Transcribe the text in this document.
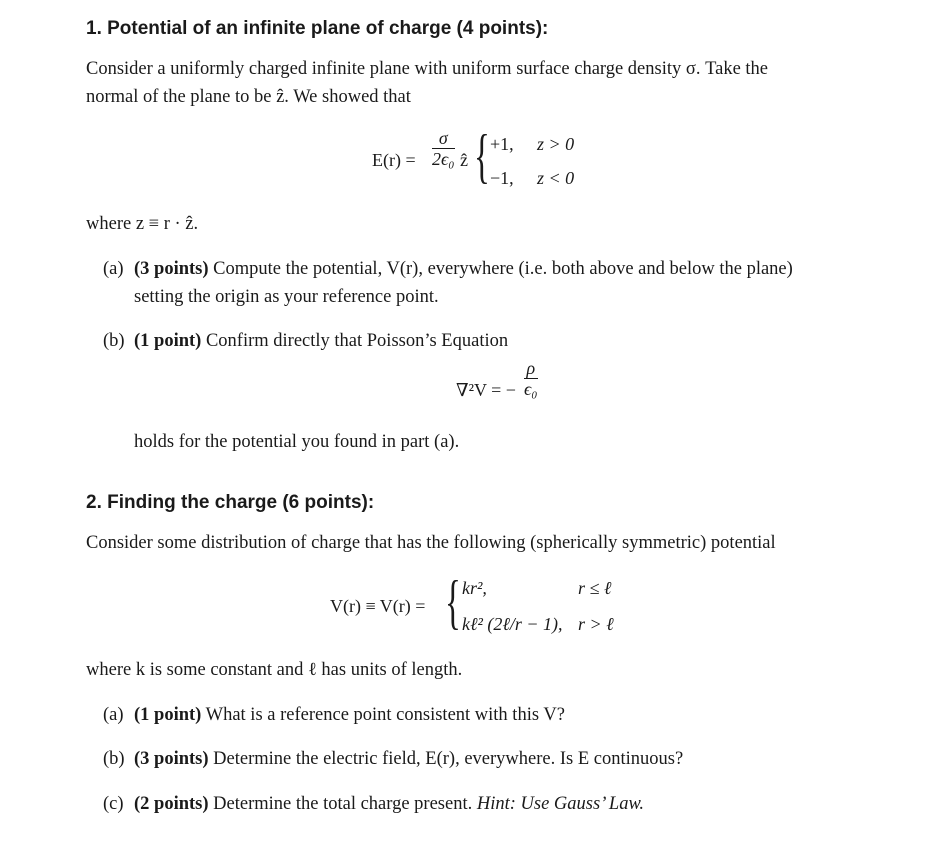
1. Potential of an infinite plane of charge (4 points):
Consider a uniformly charged infinite plane with uniform surface charge density σ. Take the
normal of the plane to be ẑ. We showed that
$E(r) = \frac{\sigma}{\text{2ϵ₀}}$ ẑ { +1, z > 0
−1, z < 0
where z ≡ r · ẑ.
(a) (3 points) Compute the potential, V(r), everywhere (i.e. both above and below the plane)
setting the origin as your reference point.
(b) (1 point) Confirm directly that Poisson’s Equation
∇²V = − $\frac{\rho}{\text{ϵ₀}}$
holds for the potential you found in part (a).
2. Finding the charge (6 points):
Consider some distribution of charge that has the following (spherically symmetric) potential
V(r) ≡ V(r) = { kr²,	r ≤ ℓ
kℓ² (2ℓ/r − 1), r > ℓ
where k is some constant and ℓ has units of length.
(a) (1 point) What is a reference point consistent with this V?
(b) (3 points) Determine the electric field, E(r), everywhere. Is E continuous?
(c) (2 points) Determine the total charge present. Hint: Use Gauss’ Law.
